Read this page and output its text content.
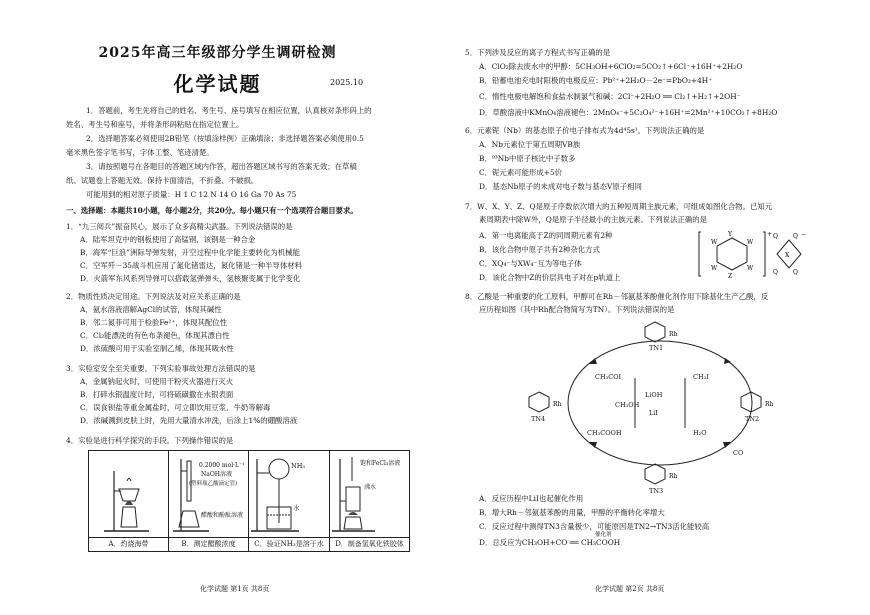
2025年高三年级部分学生调研检测
化学试题	2025.10
1．答题前，考生先将自己的姓名、考生号、座号填写在相应位置，认真核对条形码上的
姓名、考生号和座号，并将条形码粘贴在指定位置上。
2．选择题答案必须使用2B铅笔（按填涂样例）正确填涂；非选择题答案必须使用0.5
毫米黑色签字笔书写，字体工整、笔迹清楚。
3．请按照题号在各题目的答题区域内作答，超出答题区域书写的答案无效；在草稿
纸、试题卷上答题无效。保持卡面清洁，不折叠、不破损。
可能用到的相对原子质量：H 1 C 12 N 14 O 16 Ga 70 As 75
一、选择题：本题共10小题，每小题2分，共20分。每小题只有一个选项符合题目要求。
1．“九三阅兵”振奋民心，展示了众多高精尖武器。下列说法错误的是
A．陆军坦克中的钢板使用了高锰钢，该钢是一种合金
B．海军“巨浪”洲际导弹发射，升空过程中化学能主要转化为机械能
C．空军歼－35战斗机应用了氮化锗雷达，氮化锗是一种半导体材料
D．火箭军东风系列导弹可以搭载氢弹弹头，氢核聚变属于化学变化
2．物质性质决定用途。下列说法及对应关系正确的是
A．氨水溶液溶解AgCl的试管，体现其碱性
B．邻二氮菲可用于检验Fe²⁺，体现其配位性
C．Cl₂能漂洗的有色布条褪色，体现其漂白性
D．浓硫酸可用于实验室制乙烯，体现其吸水性
3．实验室安全至关重要。下列实验事故处理方法错误的是
A．金属钠起火时，可使用干粉灭火器进行灭火
B．打碎水银温度计时，可将硫磺撒在水银表面
C．误食钡盐等重金属盐时，可立即饮用豆浆、牛奶等解毒
D．浓碱溅到皮肤上时，先用大量清水冲洗，后涂上1%的硼酸溶液
4．实验是进行科学探究的手段。下列操作错误的是
A．灼烧海带
0.2000 mol·L⁻¹
NaOH溶液
(塑料瓶乙酸滴定管)
醋酸和酚酞溶液
B．测定醋酸浓度
NH₃
水
C．验证NH₃是溶于水
饱和FeCl₃溶液
沸水
D．制备氢氧化铁胶体
化学试题 第1页 共8页
5．下列涉及反应的离子方程式书写正确的是
A．ClO₂除去废水中的甲醇：5CH₃OH+6ClO₂=5CO₂↑+6Cl⁻+16H⁺+2H₂O
B．铅蓄电池充电时阳极的电极反应：Pb²⁺+2H₂O－2e⁻=PbO₂+4H⁺
C．惰性电极电解饱和食盐水制氯气和碱：2Cl⁻+2H₂O ══ Cl₂↑+H₂↑+2OH⁻
D．草酸溶液中KMnO₄溶液褪色：2MnO₄⁻+5C₂O₄²⁻+16H⁺=2Mn²⁺+10CO₂↑+8H₂O
6．元素铌（Nb）的基态原子价电子排布式为4d⁴5s¹。下列说法正确的是
A．Nb元素位于第五周期VB族
B．⁹³Nb中原子核比中子数多
C．铌元素可能形成+5价
D．基态Nb原子的未成对电子数与基态V原子相同
7．W、X、Y、Z、Q是原子序数依次增大的五种短周期主族元素，可组成如图化合物。已知元
素周期表中除W外，Q是原子半径最小的主族元素。下列说法正确的是
A．第一电离能高于Z的同周期元素有2种
B．该化合物中原子共有2种杂化方式
C．XQ₄⁻与XW₄⁻互为等电子体
D．该化合物中Z的价层具电子对在p轨道上
Y
W
W
W
W
Z
+
X
Q
Q
Q
Q
−
8．乙酸是一种重要的化工原料，甲醇可在Rh－邻氨基苯酚催化剂作用下除基化生产乙酸，反
应历程如图（其中Rh配合物简写为TN）。下列说法错误的是
Rh
Rh
Rh
Rh
TN1
TN2
TN3
TN4
CH₃COI	CH₃I
LiOH
LiI
CH₃COOH	H₂O
CH₃OH
CO
A．反应历程中LiI也起催化作用
B．增大Rh－邻氨基苯酚的用量，甲醇的平衡转化率增大
C．反应过程中测得TN3含量极少，可能原因是TN2→TN3活化能较高
D．总反应为CH₃OH+CO ══ CH₃COOH
催化剂
化学试题 第2页 共8页
